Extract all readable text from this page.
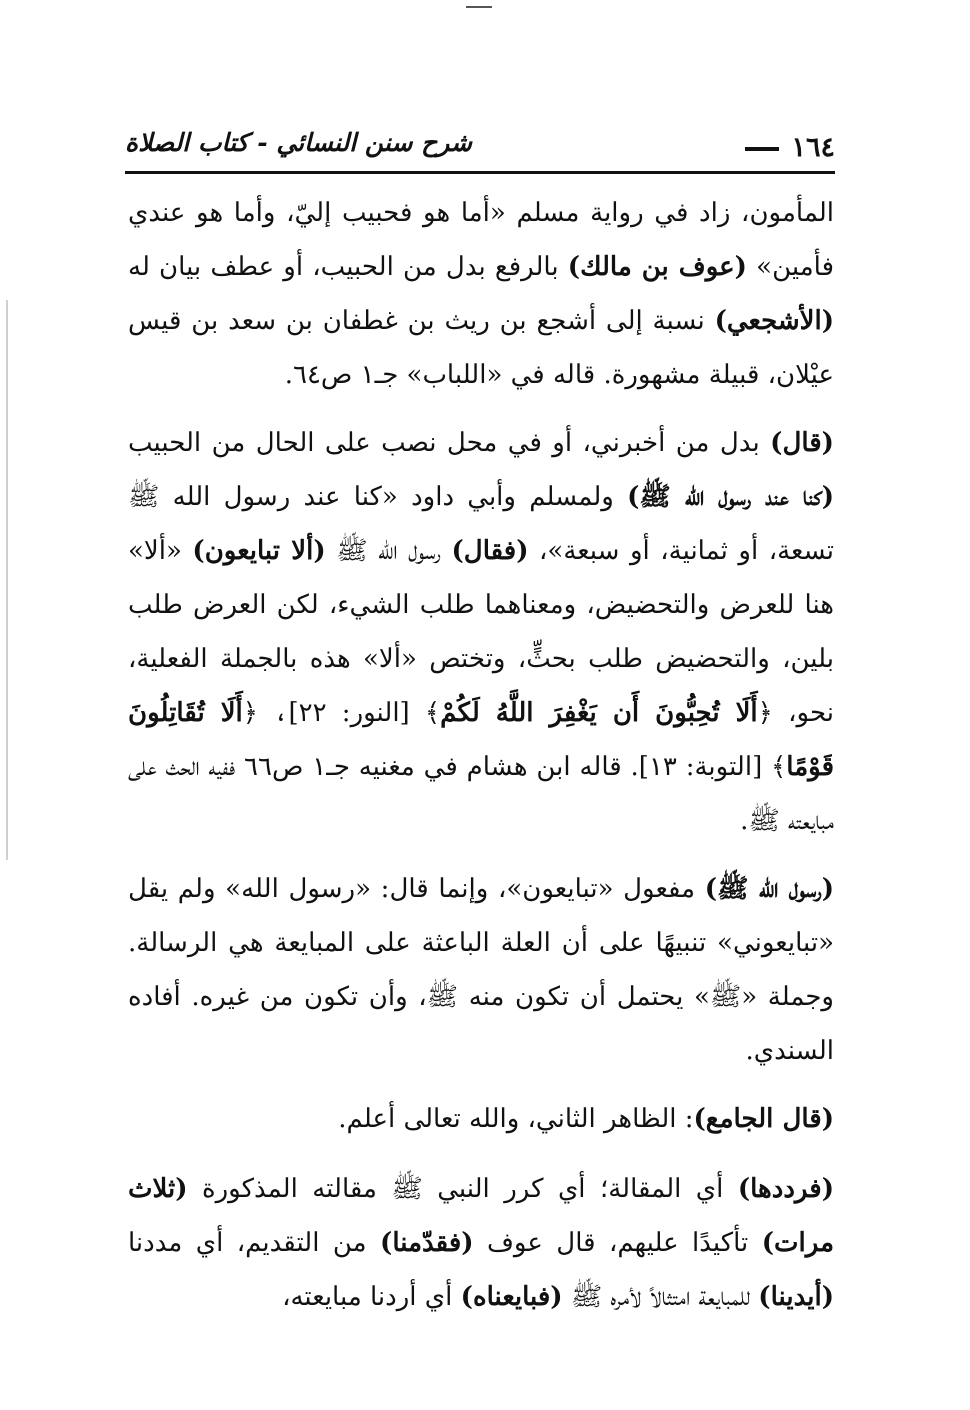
١٦٤
شرح سنن النسائي - كتاب الصلاة

المأمون، زاد في رواية مسلم «أما هو فحبيب إليّ، وأما هو عندي فأمين» (عوف بن مالك) بالرفع بدل من الحبيب، أو عطف بيان له (الأشجعي) نسبة إلى أشجع بن ريث بن غطفان بن سعد بن قيس عيْلان، قبيلة مشهورة. قاله في «اللباب» جـ١ ص٦٤.

(قال) بدل من أخبرني، أو في محل نصب على الحال من الحبيب (كنا عند رسول الله ﷺ) ولمسلم وأبي داود «كنا عند رسول الله ﷺ تسعة، أو ثمانية، أو سبعة»، (فقال) رسول الله ﷺ (ألا تبايعون) «ألا» هنا للعرض والتحضيض، ومعناهما طلب الشيء، لكن العرض طلب بلين، والتحضيض طلب بحثٍّ، وتختص «ألا» هذه بالجملة الفعلية، نحو، ﴿أَلَا تُحِبُّونَ أَن يَغْفِرَ اللَّهُ لَكُمْ﴾ [النور: ٢٢]، ﴿أَلَا تُقَاتِلُونَ قَوْمًا﴾ [التوبة: ١٣]. قاله ابن هشام في مغنيه جـ١ ص٦٦ ففيه الحث على مبايعته ﷺ.

(رسول الله ﷺ) مفعول «تبايعون»، وإنما قال: «رسول الله» ولم يقل «تبايعوني» تنبيهًا على أن العلة الباعثة على المبايعة هي الرسالة. وجملة «ﷺ» يحتمل أن تكون منه ﷺ، وأن تكون من غيره. أفاده السندي.

(قال الجامع): الظاهر الثاني، والله تعالى أعلم.

(فرددها) أي المقالة؛ أي كرر النبي ﷺ مقالته المذكورة (ثلاث مرات) تأكيدًا عليهم، قال عوف (فقدّمنا) من التقديم، أي مددنا (أيدينا) للمبايعة امتثالاً لأمره ﷺ (فبايعناه) أي أردنا مبايعته،
